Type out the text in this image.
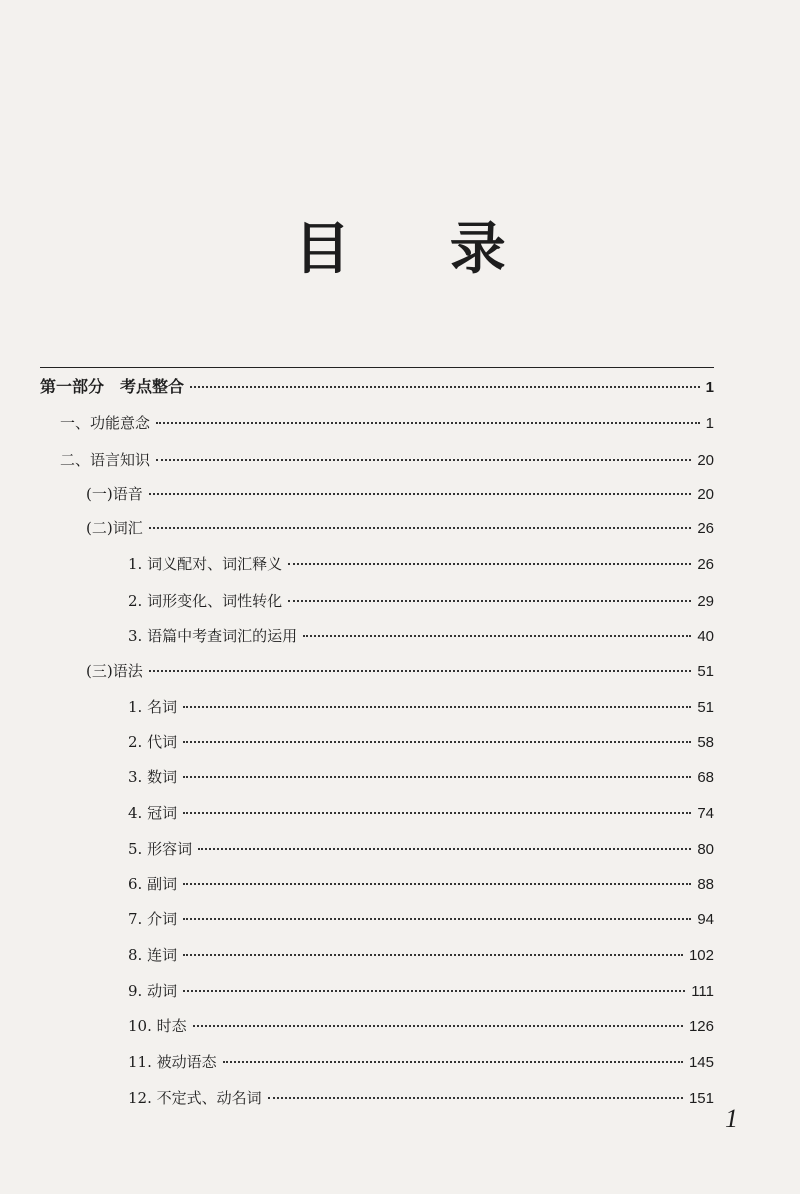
目 录
第一部分　考点整合	1
一、功能意念	1
二、语言知识	20
(一)语音	20
(二)词汇	26
1. 词义配对、词汇释义	26
2. 词形变化、词性转化	29
3. 语篇中考查词汇的运用	40
(三)语法	51
1. 名词	51
2. 代词	58
3. 数词	68
4. 冠词	74
5. 形容词	80
6. 副词	88
7. 介词	94
8. 连词	102
9. 动词	111
10. 时态	126
11. 被动语态	145
12. 不定式、动名词	151
1
